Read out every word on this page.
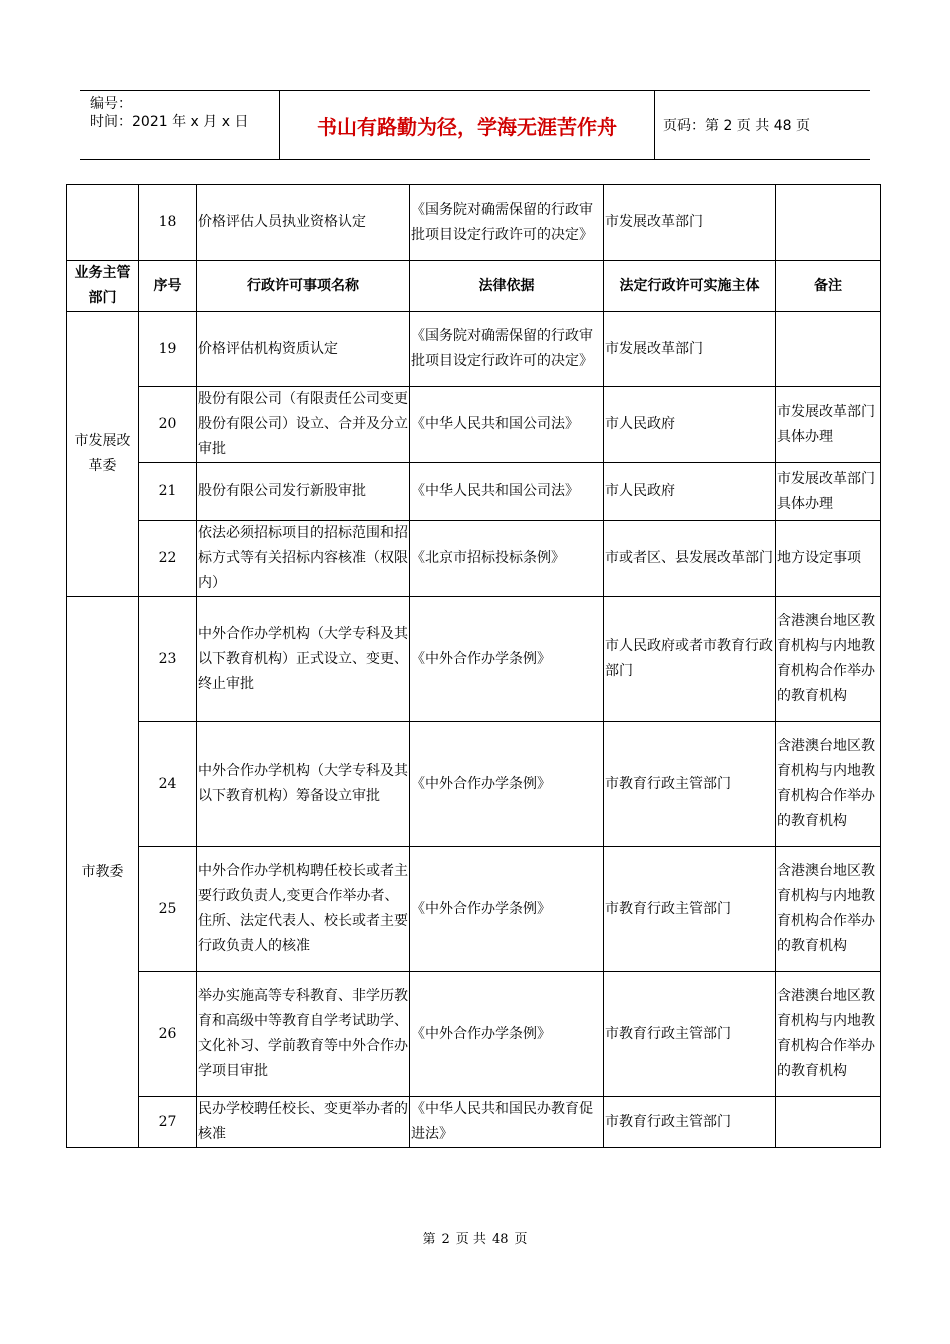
编号：
时间：2021 年 x 月 x 日	书山有路勤为径，学海无涯苦作舟	页码：第 2 页 共 48 页
	18	价格评估人员执业资格认定	《国务院对确需保留的行政审批项目设定行政许可的决定》	市发展改革部门	
业务主管部门	序号	行政许可事项名称	法律依据	法定行政许可实施主体	备注
市发展改革委	19	价格评估机构资质认定	《国务院对确需保留的行政审批项目设定行政许可的决定》	市发展改革部门	
	20	股份有限公司（有限责任公司变更股份有限公司）设立、合并及分立审批	《中华人民共和国公司法》	市人民政府	市发展改革部门具体办理
	21	股份有限公司发行新股审批	《中华人民共和国公司法》	市人民政府	市发展改革部门具体办理
	22	依法必须招标项目的招标范围和招标方式等有关招标内容核准（权限内）	《北京市招标投标条例》	市或者区、县发展改革部门	地方设定事项
市教委	23	中外合作办学机构（大学专科及其以下教育机构）正式设立、变更、终止审批	《中外合作办学条例》	市人民政府或者市教育行政部门	含港澳台地区教育机构与内地教育机构合作举办的教育机构
	24	中外合作办学机构（大学专科及其以下教育机构）筹备设立审批	《中外合作办学条例》	市教育行政主管部门	含港澳台地区教育机构与内地教育机构合作举办的教育机构
	25	中外合作办学机构聘任校长或者主要行政负责人,变更合作举办者、住所、法定代表人、校长或者主要行政负责人的核准	《中外合作办学条例》	市教育行政主管部门	含港澳台地区教育机构与内地教育机构合作举办的教育机构
	26	举办实施高等专科教育、非学历教育和高级中等教育自学考试助学、文化补习、学前教育等中外合作办学项目审批	《中外合作办学条例》	市教育行政主管部门	含港澳台地区教育机构与内地教育机构合作举办的教育机构
	27	民办学校聘任校长、变更举办者的核准	《中华人民共和国民办教育促进法》	市教育行政主管部门	
第 2 页 共 48 页
